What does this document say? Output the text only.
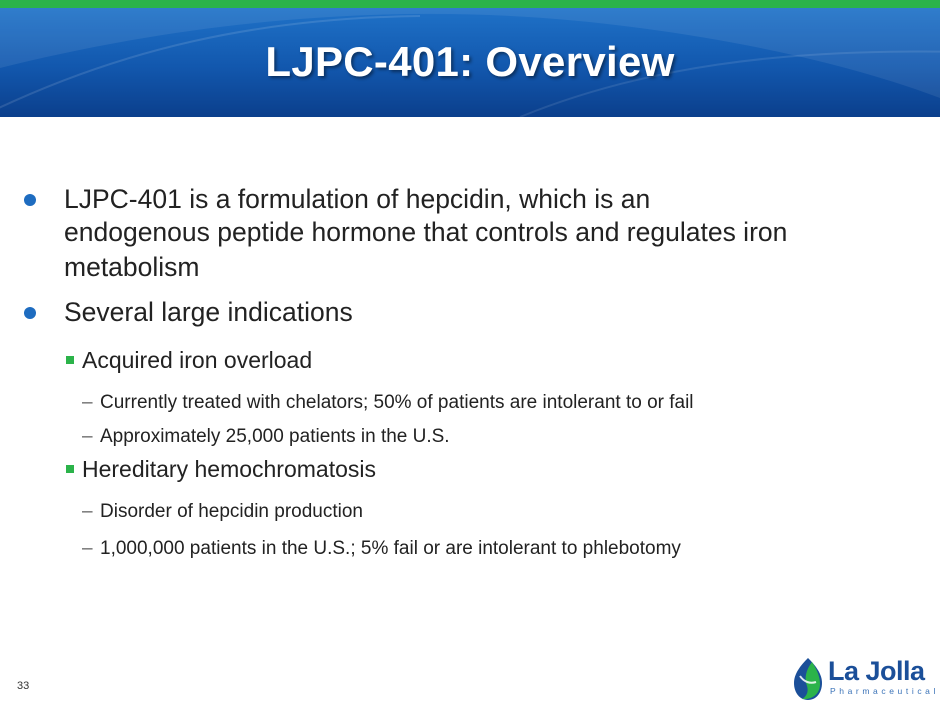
LJPC-401: Overview
LJPC-401 is a formulation of hepcidin, which is an
endogenous peptide hormone that controls and regulates iron
metabolism
Several large indications
Acquired iron overload
– Currently treated with chelators; 50% of patients are intolerant to or fail
– Approximately 25,000 patients in the U.S.
Hereditary hemochromatosis
– Disorder of hepcidin production
– 1,000,000 patients in the U.S.; 5% fail or are intolerant to phlebotomy
33	La Jolla
Pharmaceutical
